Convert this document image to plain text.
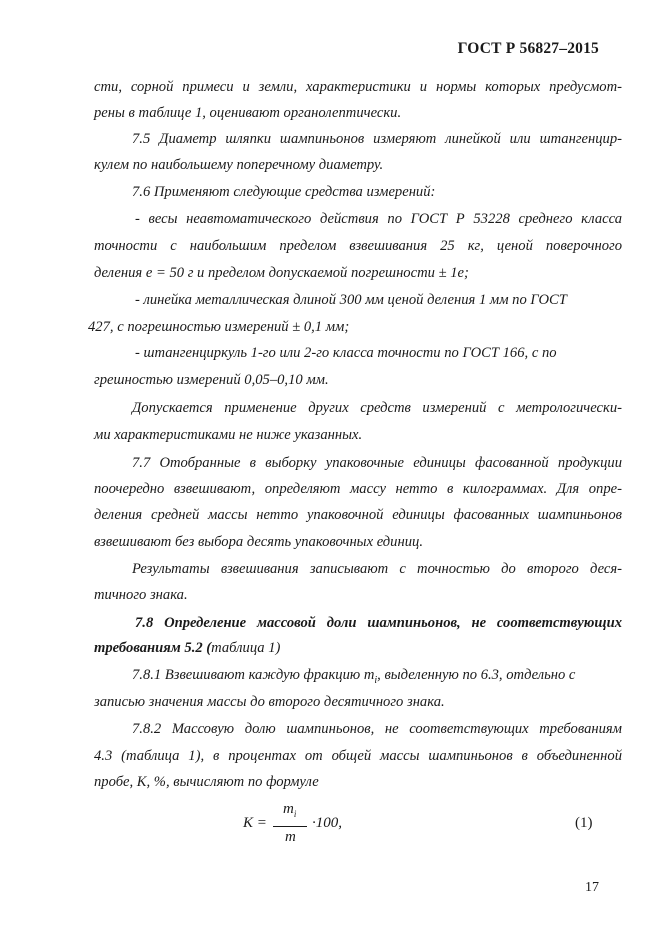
ГОСТ Р 56827–2015
сти, сорной примеси и земли, характеристики и нормы которых предусмот-
рены в таблице 1, оценивают органолептически.
7.5 Диаметр шляпки шампиньонов измеряют линейкой или штангенцир-
кулем по наибольшему поперечному диаметру.
7.6 Применяют следующие средства измерений:
- весы неавтоматического действия по ГОСТ Р 53228 среднего класса
точности с наибольшим пределом взвешивания 25 кг, ценой поверочного
деления е = 50 г и пределом допускаемой погрешности ± 1е;
- линейка металлическая длиной 300 мм ценой деления 1 мм по ГОСТ
427, с погрешностью измерений ± 0,1 мм;
- штангенциркуль 1-го или 2-го класса точности по ГОСТ 166, с по
грешностью измерений 0,05–0,10 мм.
Допускается применение других средств измерений с метрологически-
ми характеристиками не ниже указанных.
7.7 Отобранные в выборку упаковочные единицы фасованной продукции
поочередно взвешивают, определяют массу нетто в килограммах. Для опре-
деления средней массы нетто упаковочной единицы фасованных шампиньонов
взвешивают без выбора десять упаковочных единиц.
Результаты взвешивания записывают с точностью до второго деся-
тичного знака.
7.8 Определение массовой доли шампиньонов, не соответствующих
требованиям 5.2 (таблица 1)
7.8.1 Взвешивают каждую фракцию $m_i$, выделенную по 6.3, отдельно с
записью значения массы до второго десятичного знака.
7.8.2 Массовую долю шампиньонов, не соответствующих требованиям
4.3 (таблица 1), в процентах от общей массы шампиньонов в объединенной
пробе, К, %, вычисляют по формуле
К =
$m_i$
m
·100,	(1)
17
